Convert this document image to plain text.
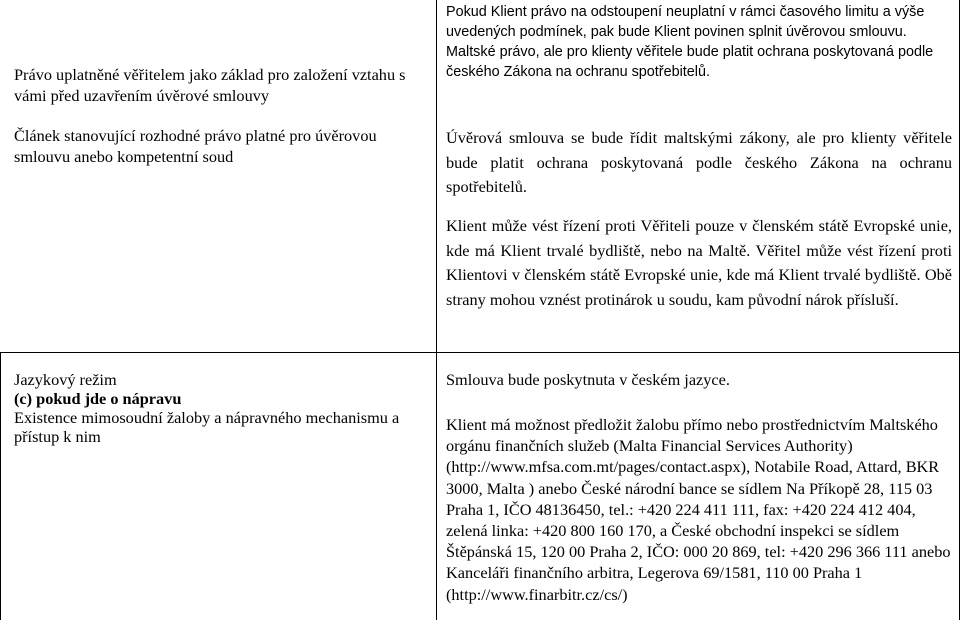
Právo uplatněné věřitelem jako základ pro založení vztahu s vámi před uzavřením úvěrové smlouvy

Článek stanovující rozhodné právo platné pro úvěrovou smlouvu anebo kompetentní soud

Pokud Klient právo na odstoupení neuplatní v rámci časového limitu a výše uvedených podmínek, pak bude Klient povinen splnit úvěrovou smlouvu.

Maltské právo, ale pro klienty věřitele bude platit ochrana poskytovaná podle českého Zákona na ochranu spotřebitelů.

Úvěrová smlouva se bude řídit maltskými zákony, ale pro klienty věřitele bude platit ochrana poskytovaná podle českého Zákona na ochranu spotřebitelů.

Klient může vést řízení proti Věřiteli pouze v členském státě Evropské unie, kde má Klient trvalé bydliště, nebo na Maltě. Věřitel může vést řízení proti Klientovi v členském státě Evropské unie, kde má Klient trvalé bydliště. Obě strany mohou vznést protinárok u soudu, kam původní nárok přísluší.

Jazykový režim

(c) pokud jde o nápravu

Existence mimosoudní žaloby a nápravného mechanismu a přístup k nim

Smlouva bude poskytnuta v českém jazyce.

Klient má možnost předložit žalobu přímo nebo prostřednictvím Maltského orgánu finančních služeb (Malta Financial Services Authority) (http://www.mfsa.com.mt/pages/contact.aspx), Notabile Road, Attard, BKR 3000, Malta ) anebo České národní bance se sídlem Na Příkopě 28, 115 03 Praha 1, IČO 48136450, tel.: +420 224 411 111, fax: +420 224 412 404, zelená linka: +420 800 160 170, a České obchodní inspekci se sídlem Štěpánská 15, 120 00 Praha 2, IČO: 000 20 869, tel: +420 296 366 111 anebo Kanceláři finančního arbitra, Legerova 69/1581, 110 00 Praha 1 (http://www.finarbitr.cz/cs/)
